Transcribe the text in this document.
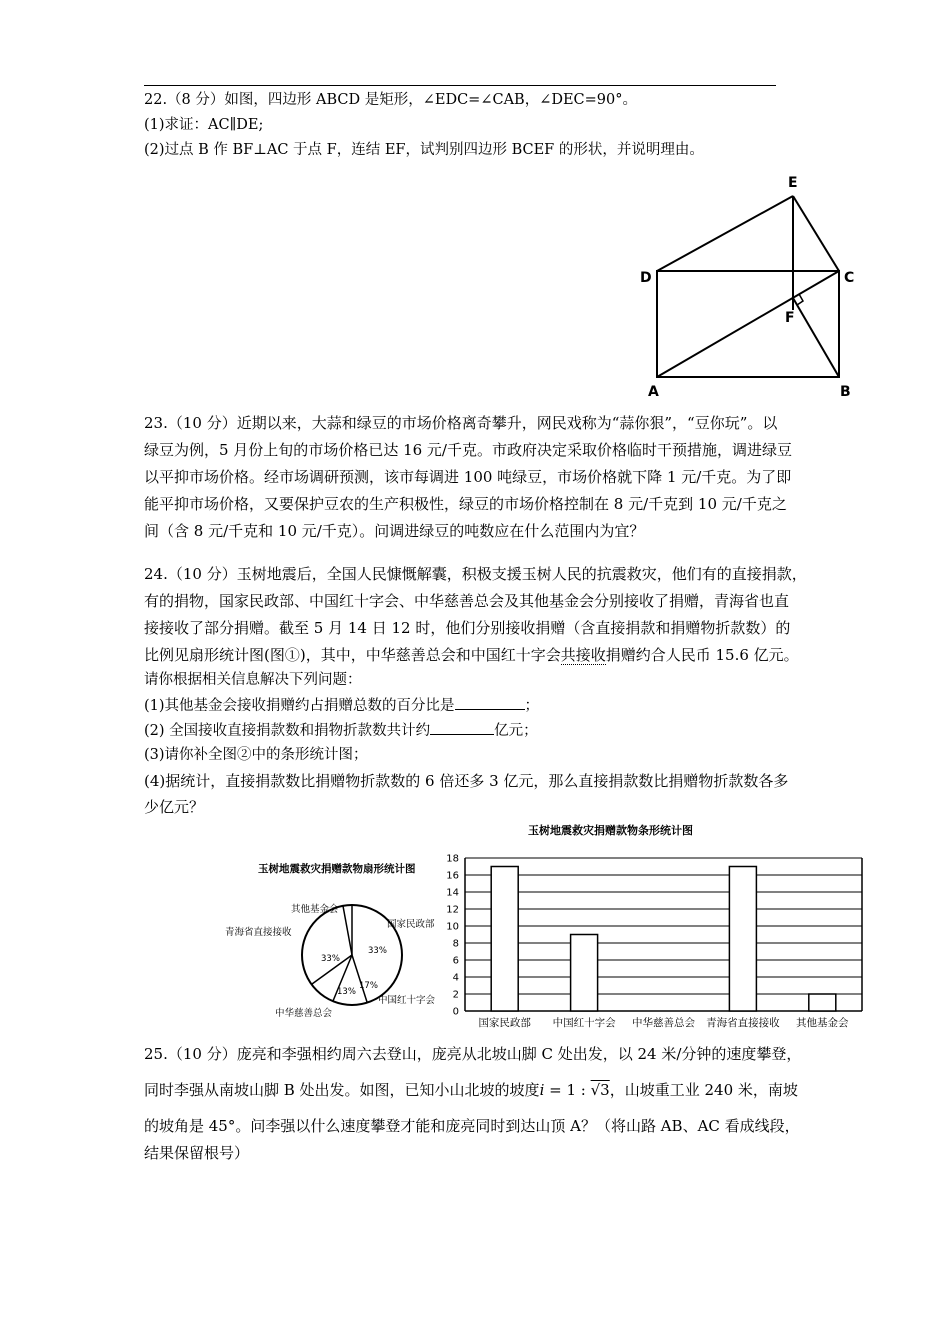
22.（8 分）如图，四边形 ABCD 是矩形，∠EDC=∠CAB，∠DEC=90°。
(1)求证：AC∥DE;
(2)过点 B 作 BF⊥AC 于点 F，连结 EF，试判别四边形 BCEF 的形状，并说明理由。
E
D	C
F
A	B
23.（10 分）近期以来，大蒜和绿豆的市场价格离奇攀升，网民戏称为“蒜你狠”，“豆你玩”。以
绿豆为例，5 月份上旬的市场价格已达 16 元/千克。市政府决定采取价格临时干预措施，调进绿豆
以平抑市场价格。经市场调研预测，该市每调进 100 吨绿豆，市场价格就下降 1 元/千克。为了即
能平抑市场价格，又要保护豆农的生产积极性，绿豆的市场价格控制在 8 元/千克到 10 元/千克之
间（含 8 元/千克和 10 元/千克）。问调进绿豆的吨数应在什么范围内为宜？
24.（10 分）玉树地震后，全国人民慷慨解囊，积极支援玉树人民的抗震救灾，他们有的直接捐款，
有的捐物，国家民政部、中国红十字会、中华慈善总会及其他基金会分别接收了捐赠，青海省也直
接接收了部分捐赠。截至 5 月 14 日 12 时，他们分别接收捐赠（含直接捐款和捐赠物折款数）的
比例见扇形统计图(图①)，其中，中华慈善总会和中国红十字会共接收捐赠约合人民币 15.6 亿元。
请你根据相关信息解决下列问题：
(1)其他基金会接收捐赠约占捐赠总数的百分比是	；
(2) 全国接收直接捐款数和捐物折款数共计约	亿元；
(3)请你补全图②中的条形统计图；
(4)据统计，直接捐款数比捐赠物折款数的 6 倍还多 3 亿元，那么直接捐款数比捐赠物折款数各多
少亿元？
玉树地震救灾捐赠款物扇形统计图
33%
17%
13%
33%
国家民政部
中国红十字会
中华慈善总会
青海省直接接收
其他基金会
玉树地震救灾捐赠款物条形统计图
0
2
4
6
8
10
12
14
16
18
国家民政部 中国红十字会 中华慈善总会 青海省直接接收 其他基金会
25.（10 分）庞亮和李强相约周六去登山，庞亮从北坡山脚 C 处出发，以 24 米/分钟的速度攀登，
同时李强从南坡山脚 B 处出发。如图，已知小山北坡的坡度i = 1 : √3，山坡重工业 240 米，南坡
的坡角是 45°。问李强以什么速度攀登才能和庞亮同时到达山顶 A？（将山路 AB、AC 看成线段，
结果保留根号）
